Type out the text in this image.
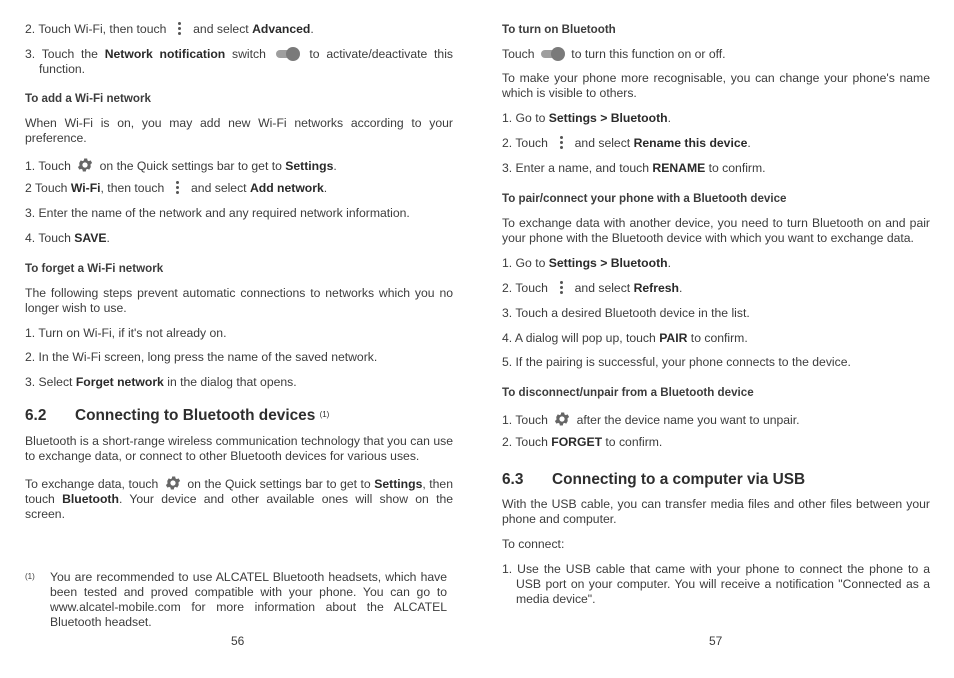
2. Touch Wi-Fi, then touch
and select Advanced.

3. Touch the Network notification switch
to activate/deactivate this function.

To add a Wi-Fi network

When Wi-Fi is on, you may add new Wi-Fi networks according to your preference.

1. Touch  on the Quick settings bar to get to Settings.

2 Touch Wi-Fi, then touch
and select Add network.

3. Enter the name of the network and any required network information.

4. Touch SAVE.

To forget a Wi-Fi network

The following steps prevent automatic connections to networks which you no longer wish to use.

1. Turn on Wi-Fi, if it's not already on.

2. In the Wi-Fi screen, long press the name of the saved network.

3. Select Forget network in the dialog that opens.

6.2 Connecting to Bluetooth devices $^{(1)}$

Bluetooth is a short-range wireless communication technology that you can use to exchange data, or connect to other Bluetooth devices for various uses.

To exchange data, touch  on the Quick settings bar to get to Settings, then touch Bluetooth. Your device and other available ones will show on the screen.

(1) You are recommended to use ALCATEL Bluetooth headsets, which have been tested and proved compatible with your phone. You can go to www.alcatel-mobile.com for more information about the ALCATEL Bluetooth headset.

56

To turn on Bluetooth

Touch
to turn this function on or off.

To make your phone more recognisable, you can change your phone's name which is visible to others.

1. Go to Settings > Bluetooth.

2. Touch
and select Rename this device.

3. Enter a name, and touch RENAME to confirm.

To pair/connect your phone with a Bluetooth device

To exchange data with another device, you need to turn Bluetooth on and pair your phone with the Bluetooth device with which you want to exchange data.

1. Go to Settings > Bluetooth.

2. Touch
and select Refresh.

3. Touch a desired Bluetooth device in the list.

4. A dialog will pop up, touch PAIR to confirm.

5. If the pairing is successful, your phone connects to the device.

To disconnect/unpair from a Bluetooth device

1. Touch  after the device name you want to unpair.

2. Touch FORGET to confirm.

6.3 Connecting to a computer via USB

With the USB cable, you can transfer media files and other files between your phone and computer.

To connect:

1. Use the USB cable that came with your phone to connect the phone to a USB port on your computer. You will receive a notification "Connected as a media device".

57
